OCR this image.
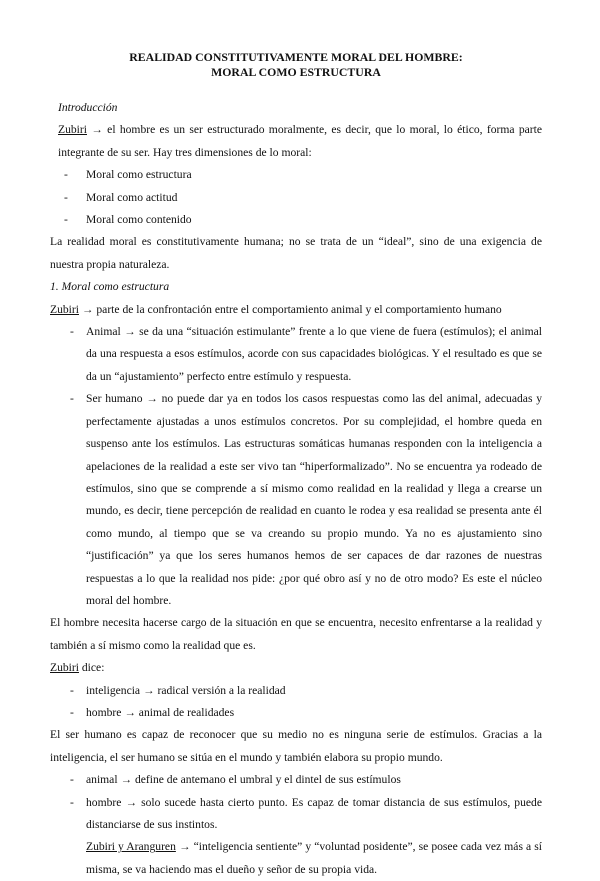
REALIDAD CONSTITUTIVAMENTE MORAL DEL HOMBRE:
MORAL COMO ESTRUCTURA

Introducción

Zubiri → el hombre es un ser estructurado moralmente, es decir, que lo moral, lo ético, forma parte integrante de su ser. Hay tres dimensiones de lo moral:

- Moral como estructura
- Moral como actitud
- Moral como contenido

La realidad moral es constitutivamente humana; no se trata de un “ideal”, sino de una exigencia de nuestra propia naturaleza.

1. Moral como estructura

Zubiri → parte de la confrontación entre el comportamiento animal y el comportamiento humano

- Animal → se da una “situación estimulante” frente a lo que viene de fuera (estímulos); el animal da una respuesta a esos estímulos, acorde con sus capacidades biológicas. Y el resultado es que se da un “ajustamiento” perfecto entre estímulo y respuesta.
- Ser humano → no puede dar ya en todos los casos respuestas como las del animal, adecuadas y perfectamente ajustadas a unos estímulos concretos. Por su complejidad, el hombre queda en suspenso ante los estímulos. Las estructuras somáticas humanas responden con la inteligencia a apelaciones de la realidad a este ser vivo tan “hiperformalizado”. No se encuentra ya rodeado de estímulos, sino que se comprende a sí mismo como realidad en la realidad y llega a crearse un mundo, es decir, tiene percepción de realidad en cuanto le rodea y esa realidad se presenta ante él como mundo, al tiempo que se va creando su propio mundo. Ya no es ajustamiento sino “justificación” ya que los seres humanos hemos de ser capaces de dar razones de nuestras respuestas a lo que la realidad nos pide: ¿por qué obro así y no de otro modo? Es este el núcleo moral del hombre.

El hombre necesita hacerse cargo de la situación en que se encuentra, necesito enfrentarse a la realidad y también a sí mismo como la realidad que es.

Zubiri dice:

- inteligencia → radical versión a la realidad
- hombre → animal de realidades

El ser humano es capaz de reconocer que su medio no es ninguna serie de estímulos. Gracias a la inteligencia, el ser humano se sitúa en el mundo y también elabora su propio mundo.

- animal → define de antemano el umbral y el dintel de sus estímulos
- hombre → solo sucede hasta cierto punto. Es capaz de tomar distancia de sus estímulos, puede distanciarse de sus instintos.

Zubiri y Aranguren → “inteligencia sentiente” y “voluntad posidente”, se posee cada vez más a sí misma, se va haciendo mas el dueño y señor de su propia vida.
